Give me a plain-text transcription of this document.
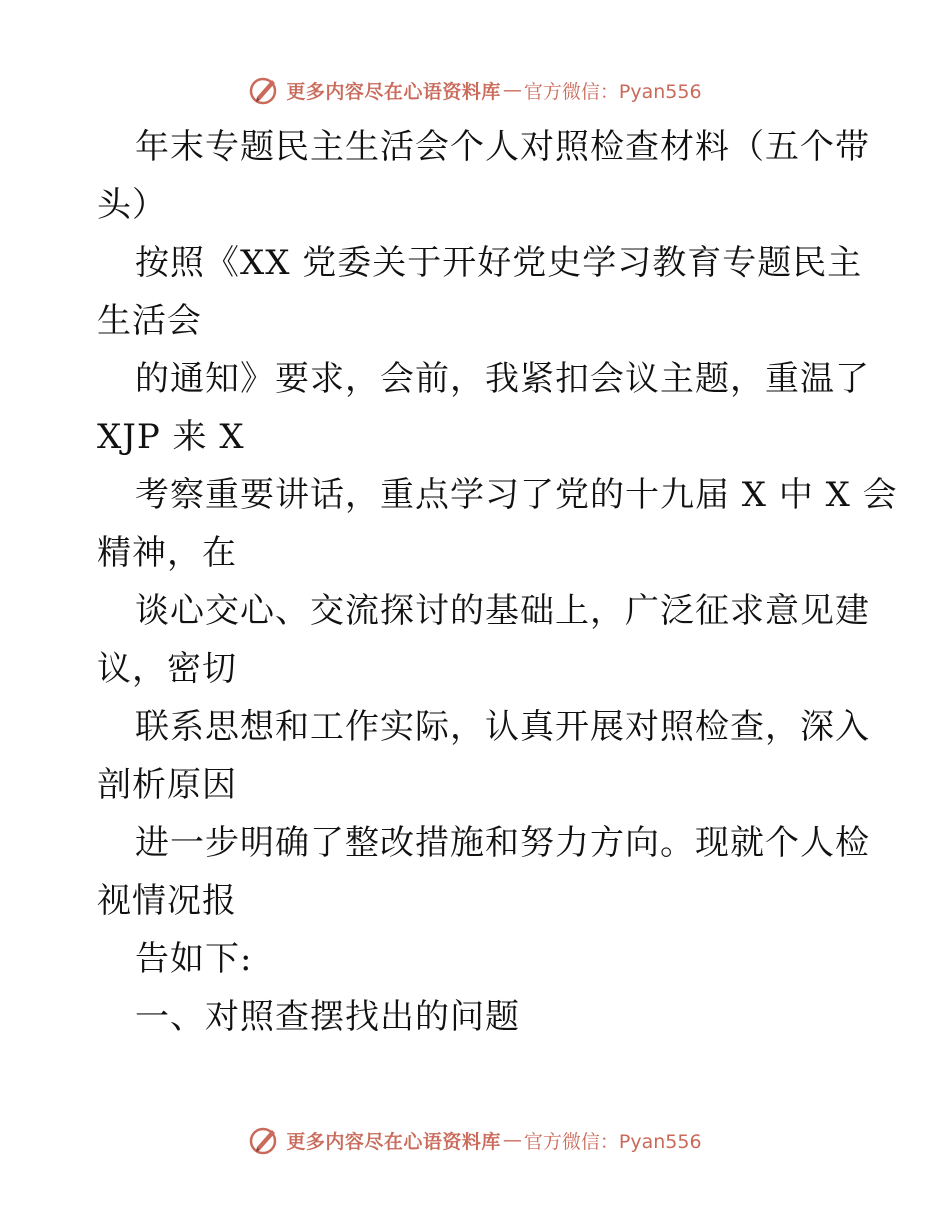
更多内容尽在心语资料库 — 官方微信：Pyan556
年末专题民主生活会个人对照检查材料（五个带
头）
按照《XX 党委关于开好党史学习教育专题民主
生活会
的通知》要求，会前，我紧扣会议主题，重温了
XJP 来 X
考察重要讲话，重点学习了党的十九届 X 中 X 会
精神，在
谈心交心、交流探讨的基础上，广泛征求意见建
议，密切
联系思想和工作实际，认真开展对照检查，深入
剖析原因
进一步明确了整改措施和努力方向。现就个人检
视情况报
告如下:
一、对照查摆找出的问题
更多内容尽在心语资料库 — 官方微信：Pyan556
